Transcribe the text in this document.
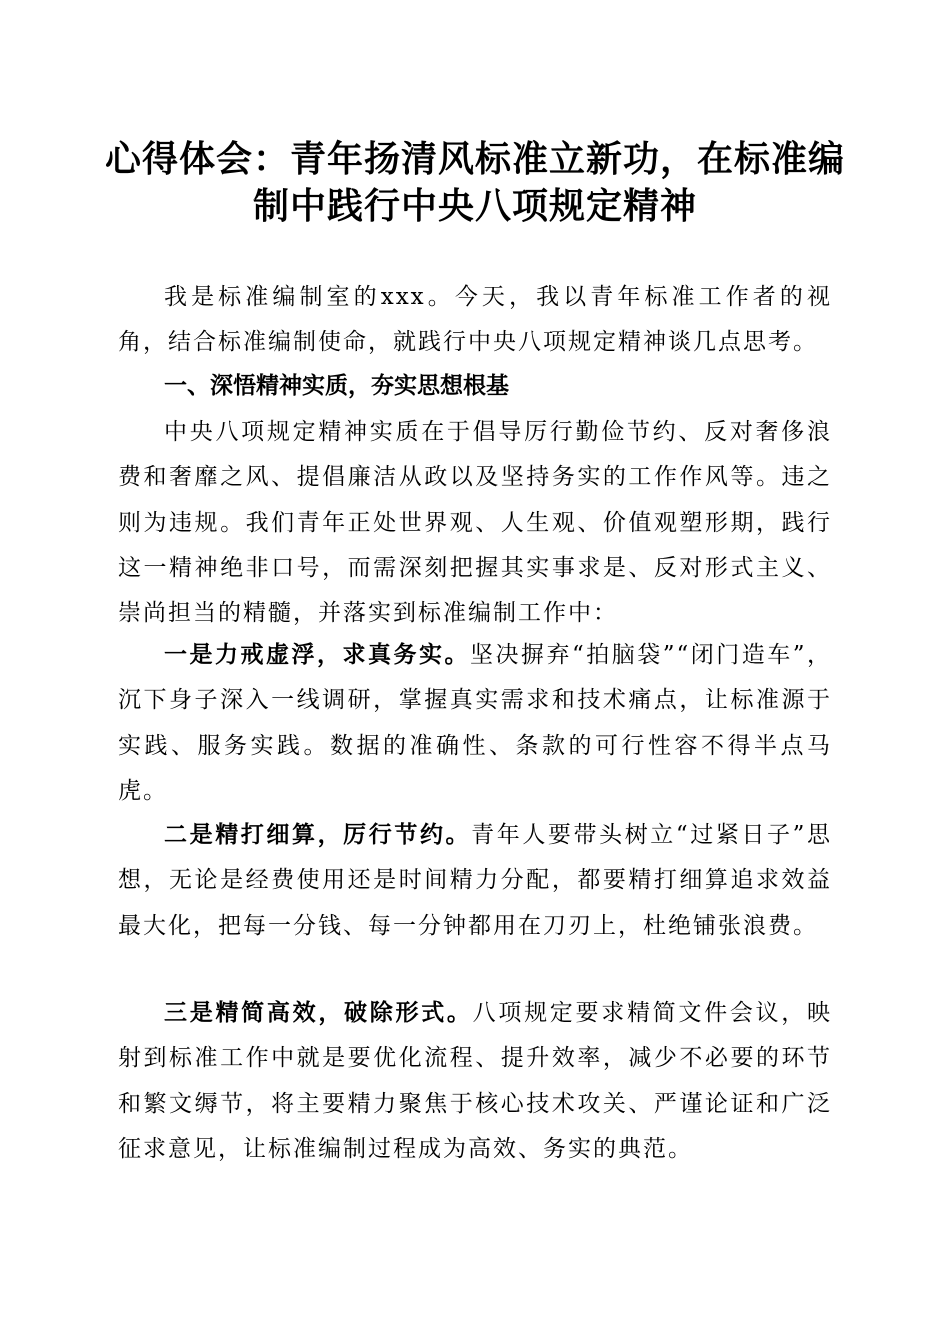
心得体会：青年扬清风标准立新功，在标准编
制中践行中央八项规定精神

我是标准编制室的xxx。今天，我以青年标准工作者的视角，结合标准编制使命，就践行中央八项规定精神谈几点思考。

一、深悟精神实质，夯实思想根基

中央八项规定精神实质在于倡导厉行勤俭节约、反对奢侈浪费和奢靡之风、提倡廉洁从政以及坚持务实的工作作风等。违之则为违规。我们青年正处世界观、人生观、价值观塑形期，践行这一精神绝非口号，而需深刻把握其实事求是、反对形式主义、崇尚担当的精髓，并落实到标准编制工作中：

一是力戒虚浮，求真务实。坚决摒弃“拍脑袋”“闭门造车”，沉下身子深入一线调研，掌握真实需求和技术痛点，让标准源于实践、服务实践。数据的准确性、条款的可行性容不得半点马虎。

二是精打细算，厉行节约。青年人要带头树立“过紧日子”思想，无论是经费使用还是时间精力分配，都要精打细算追求效益最大化，把每一分钱、每一分钟都用在刀刃上，杜绝铺张浪费。

三是精简高效，破除形式。八项规定要求精简文件会议，映射到标准工作中就是要优化流程、提升效率，减少不必要的环节和繁文缛节，将主要精力聚焦于核心技术攻关、严谨论证和广泛征求意见，让标准编制过程成为高效、务实的典范。
